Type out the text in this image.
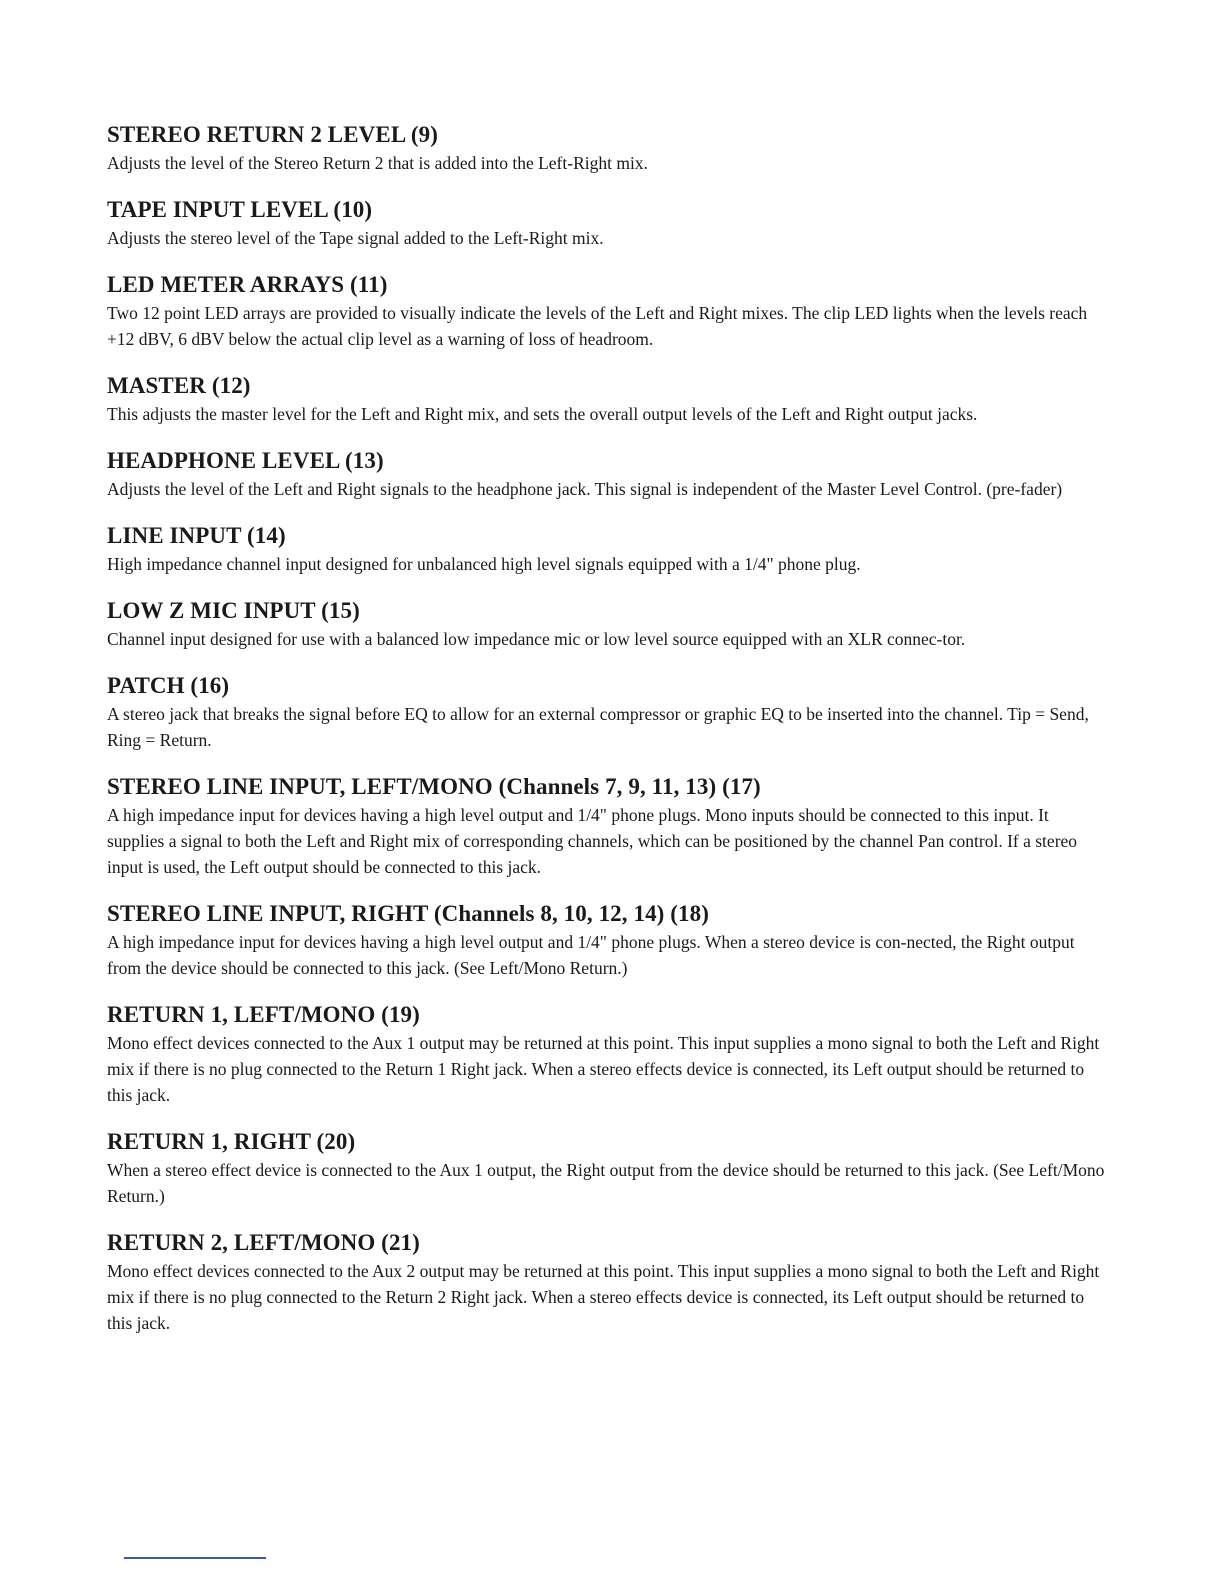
STEREO RETURN 2 LEVEL (9)

Adjusts the level of the Stereo Return 2 that is added into the Left-Right mix.

TAPE INPUT LEVEL (10)

Adjusts the stereo level of the Tape signal added to the Left-Right mix.

LED METER ARRAYS (11)

Two 12 point LED arrays are provided to visually indicate the levels of the Left and Right mixes. The clip LED lights when the levels reach +12 dBV, 6 dBV below the actual clip level as a warning of loss of headroom.

MASTER (12)

This adjusts the master level for the Left and Right mix, and sets the overall output levels of the Left and Right output jacks.

HEADPHONE LEVEL (13)

Adjusts the level of the Left and Right signals to the headphone jack. This signal is independent of the Master Level Control. (pre-fader)

LINE INPUT (14)

High impedance channel input designed for unbalanced high level signals equipped with a 1/4" phone plug.

LOW Z MIC INPUT (15)

Channel input designed for use with a balanced low impedance mic or low level source equipped with an XLR connec-tor.

PATCH (16)

A stereo jack that breaks the signal before EQ to allow for an external compressor or graphic EQ to be inserted into the channel. Tip = Send, Ring = Return.

STEREO LINE INPUT, LEFT/MONO (Channels 7, 9, 11, 13) (17)

A high impedance input for devices having a high level output and 1/4" phone plugs. Mono inputs should be connected to this input. It supplies a signal to both the Left and Right mix of corresponding channels, which can be positioned by the channel Pan control. If a stereo input is used, the Left output should be connected to this jack.

STEREO LINE INPUT, RIGHT (Channels 8, 10, 12, 14) (18)

A high impedance input for devices having a high level output and 1/4" phone plugs. When a stereo device is con-nected, the Right output from the device should be connected to this jack. (See Left/Mono Return.)

RETURN 1, LEFT/MONO (19)

Mono effect devices connected to the Aux 1 output may be returned at this point. This input supplies a mono signal to both the Left and Right mix if there is no plug connected to the Return 1 Right jack. When a stereo effects device is connected, its Left output should be returned to this jack.

RETURN 1, RIGHT (20)

When a stereo effect device is connected to the Aux 1 output, the Right output from the device should be returned to this jack. (See Left/Mono Return.)

RETURN 2, LEFT/MONO (21)

Mono effect devices connected to the Aux 2 output may be returned at this point. This input supplies a mono signal to both the Left and Right mix if there is no plug connected to the Return 2 Right jack. When a stereo effects device is connected, its Left output should be returned to this jack.
